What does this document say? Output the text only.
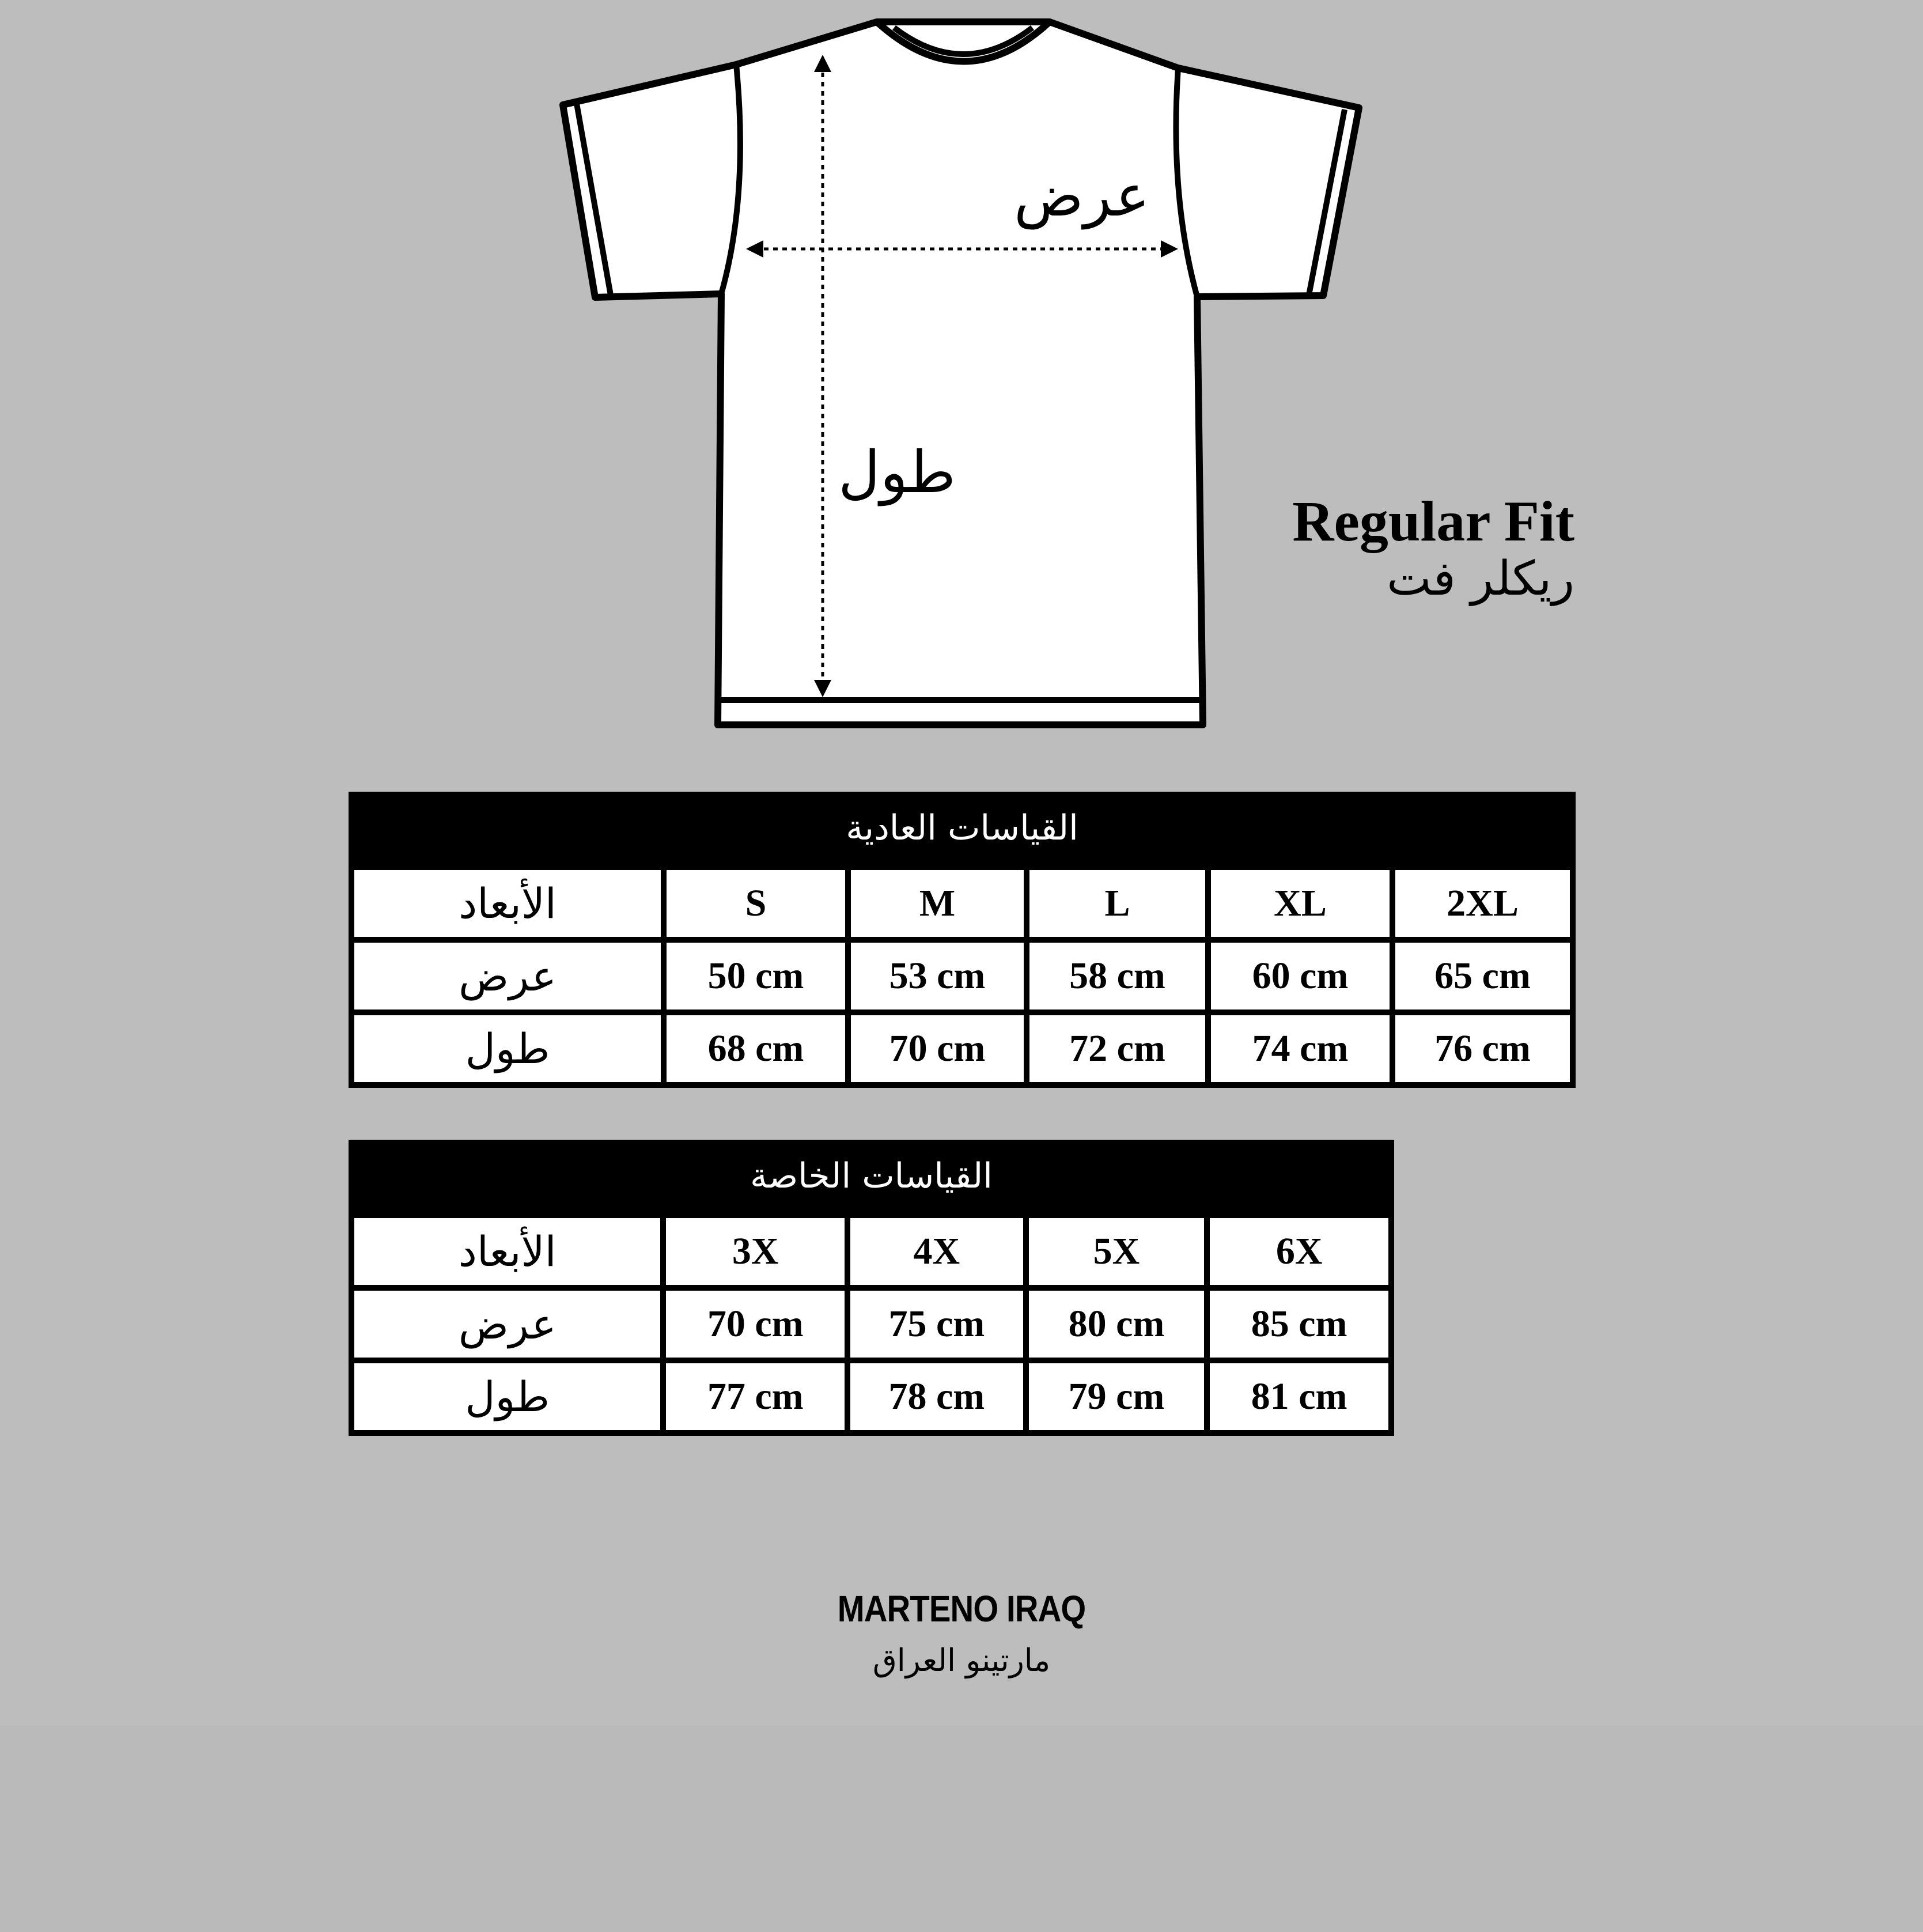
عرض
طول
Regular Fit
ريكلر فت
القياسات العادية
الأبعاد	S	M	L	XL	2XL
عرض	50 cm	53 cm	58 cm	60 cm	65 cm
طول	68 cm	70 cm	72 cm	74 cm	76 cm
القياسات الخاصة
الأبعاد	3X	4X	5X	6X
عرض	70 cm	75 cm	80 cm	85 cm
طول	77 cm	78 cm	79 cm	81 cm
MARTENO IRAQ
مارتينو العراق
